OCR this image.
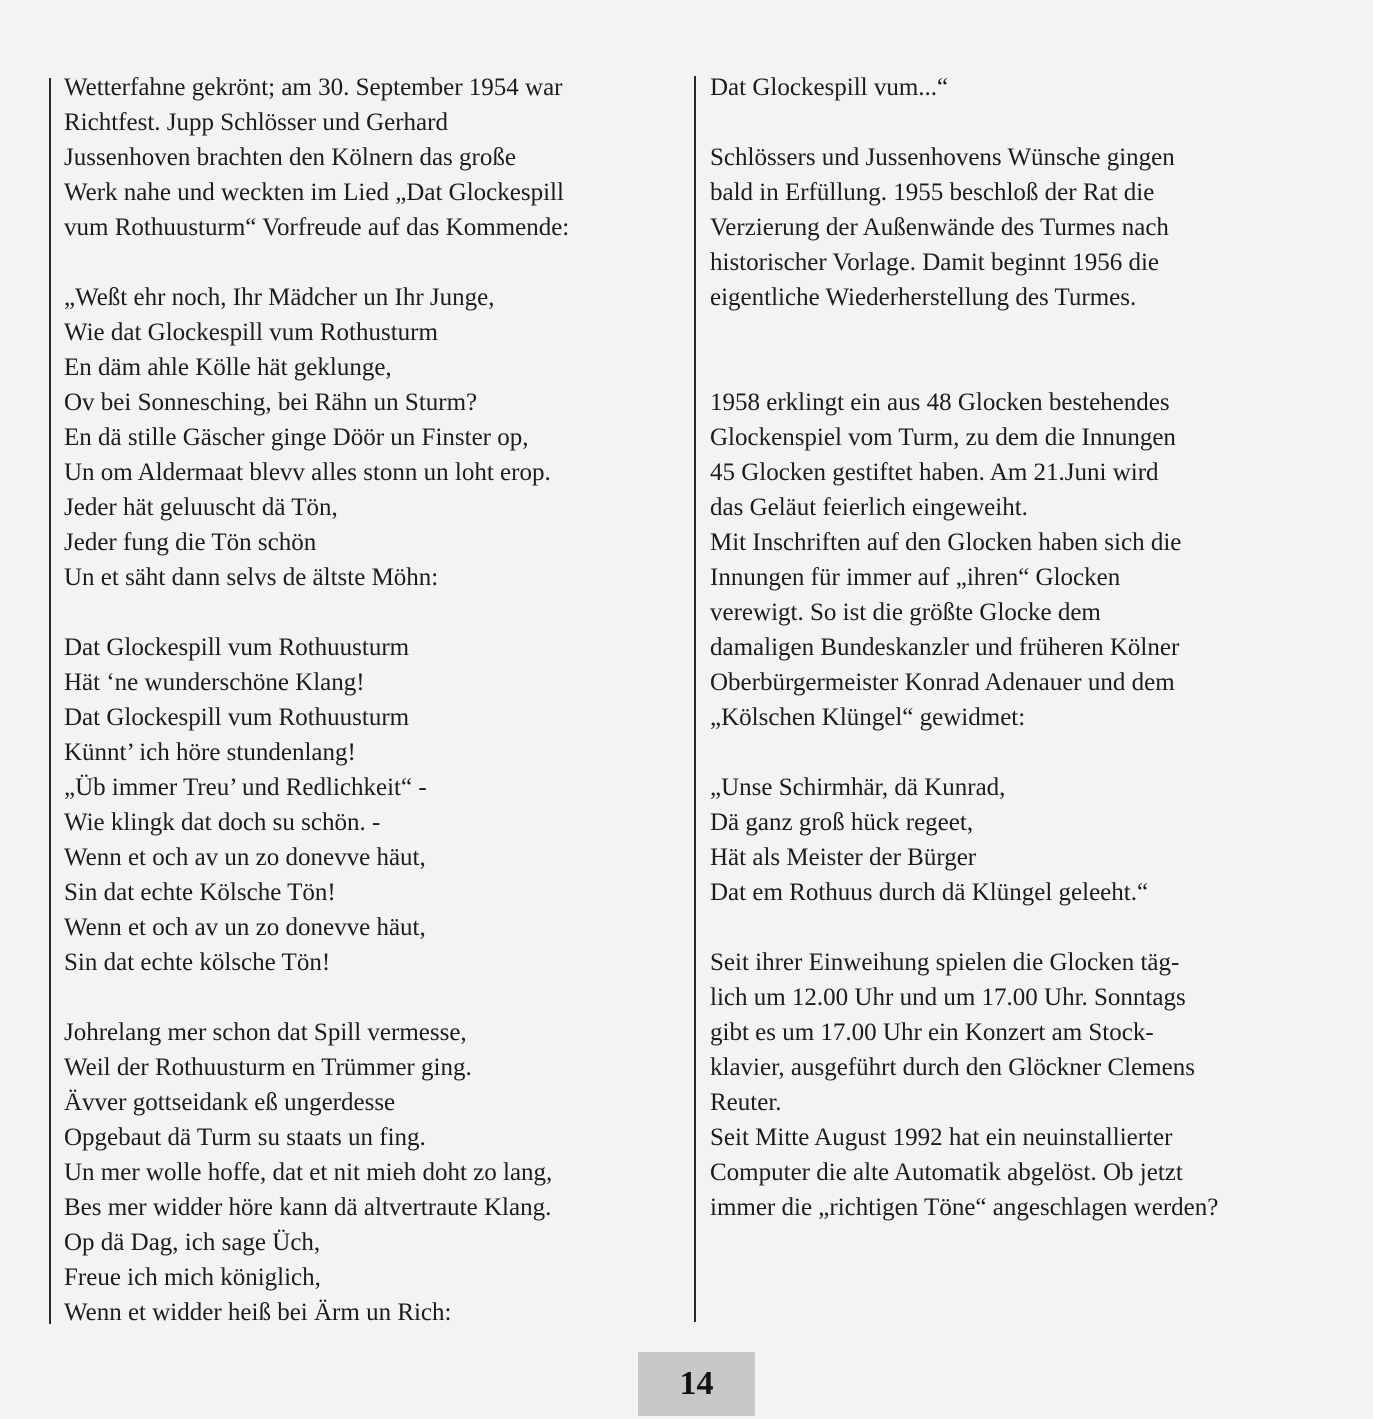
Wetterfahne gekrönt; am 30. September 1954 war
Richtfest. Jupp Schlösser und Gerhard
Jussenhoven brachten den Kölnern das große
Werk nahe und weckten im Lied „Dat Glockespill
vum Rothuusturm“ Vorfreude auf das Kommende:
„Weßt ehr noch, Ihr Mädcher un Ihr Junge,
Wie dat Glockespill vum Rothusturm
En däm ahle Kölle hät geklunge,
Ov bei Sonnesching, bei Rähn un Sturm?
En dä stille Gäscher ginge Döör un Finster op,
Un om Aldermaat blevv alles stonn un loht erop.
Jeder hät geluuscht dä Tön,
Jeder fung die Tön schön
Un et säht dann selvs de ältste Möhn:
Dat Glockespill vum Rothuusturm
Hät ‘ne wunderschöne Klang!
Dat Glockespill vum Rothuusturm
Künnt’ ich höre stundenlang!
„Üb immer Treu’ und Redlichkeit“ -
Wie klingk dat doch su schön. -
Wenn et och av un zo donevve häut,
Sin dat echte Kölsche Tön!
Wenn et och av un zo donevve häut,
Sin dat echte kölsche Tön!
Johrelang mer schon dat Spill vermesse,
Weil der Rothuusturm en Trümmer ging.
Ävver gottseidank eß ungerdesse
Opgebaut dä Turm su staats un fing.
Un mer wolle hoffe, dat et nit mieh doht zo lang,
Bes mer widder höre kann dä altvertraute Klang.
Op dä Dag, ich sage Üch,
Freue ich mich königlich,
Wenn et widder heiß bei Ärm un Rich:
Dat Glockespill vum...“
Schlössers und Jussenhovens Wünsche gingen
bald in Erfüllung. 1955 beschloß der Rat die
Verzierung der Außenwände des Turmes nach
historischer Vorlage. Damit beginnt 1956 die
eigentliche Wiederherstellung des Turmes.
1958 erklingt ein aus 48 Glocken bestehendes
Glockenspiel vom Turm, zu dem die Innungen
45 Glocken gestiftet haben. Am 21.Juni wird
das Geläut feierlich eingeweiht.
Mit Inschriften auf den Glocken haben sich die
Innungen für immer auf „ihren“ Glocken
verewigt. So ist die größte Glocke dem
damaligen Bundeskanzler und früheren Kölner
Oberbürgermeister Konrad Adenauer und dem
„Kölschen Klüngel“ gewidmet:
„Unse Schirmhär, dä Kunrad,
Dä ganz groß hück regeet,
Hät als Meister der Bürger
Dat em Rothuus durch dä Klüngel geleeht.“
Seit ihrer Einweihung spielen die Glocken täg-
lich um 12.00 Uhr und um 17.00 Uhr. Sonntags
gibt es um 17.00 Uhr ein Konzert am Stock-
klavier, ausgeführt durch den Glöckner Clemens
Reuter.
Seit Mitte August 1992 hat ein neuinstallierter
Computer die alte Automatik abgelöst. Ob jetzt
immer die „richtigen Töne“ angeschlagen werden?
14
